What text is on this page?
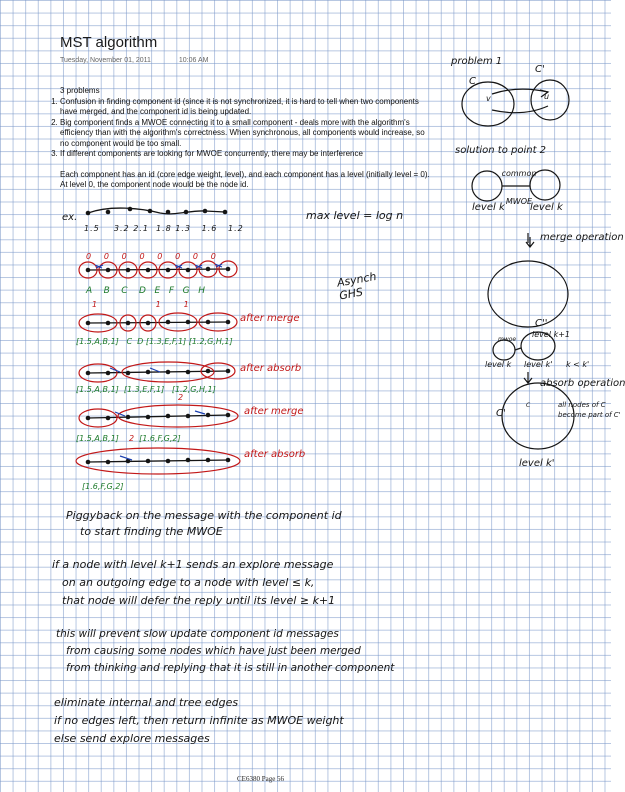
MST algorithm
Tuesday, November 01, 2011	10:06 AM
3 problems
1. Confusion in finding component id (since it is not synchronized, it is hard to tell when two components have merged, and the component id is being updated.
2. Big component finds a MWOE connecting it to a small component - deals more with the algorithm's efficiency than with the algorithm's correctness. When synchronous, all components would increase, so no component would be too small.
3. If different components are looking for MWOE concurrently, there may be interference
Each component has an id (core edge weight, level), and each component has a level (initially level = 0).
At level 0, the component node would be the node id.
ex.
1.5 3.2 2.1 1.8 1.3 1.6 1.2
max level = log n
Asynch GHS
0 0 0 0 0 0 0 0
A B C D E F G H
after merge
1	1	1
[1.5,A,B,1] C D [1.3,E,F,1] [1.2,G,H,1]
after absorb
[1.5,A,B,1] [1.3,E,F,1] [1.2,G,H,1]
2
after merge
[1.5,A,B,1] 2 [1.6,F,G,2]
after absorb
[1.6,F,G,2]
Piggyback on the message with the component id
to start finding the MWOE
if a node with level k+1 sends an explore message
on an outgoing edge to a node with level ≤ k,
that node will defer the reply until its level ≥ k+1
this will prevent slow update component id messages
from causing some nodes which have just been merged
from thinking and replying that it is still in another component
eliminate internal and tree edges
if no edges left, then return infinite as MWOE weight
else send explore messages
problem 1
C
C'
v	u
solution to point 2
common
MWOE
level k	level k
merge operation
C''
level k+1
mwoe
level k level k' k < k'
absorb operation
C
C'
all nodes of C
become part of C'
level k'
CE6380 Page 56
